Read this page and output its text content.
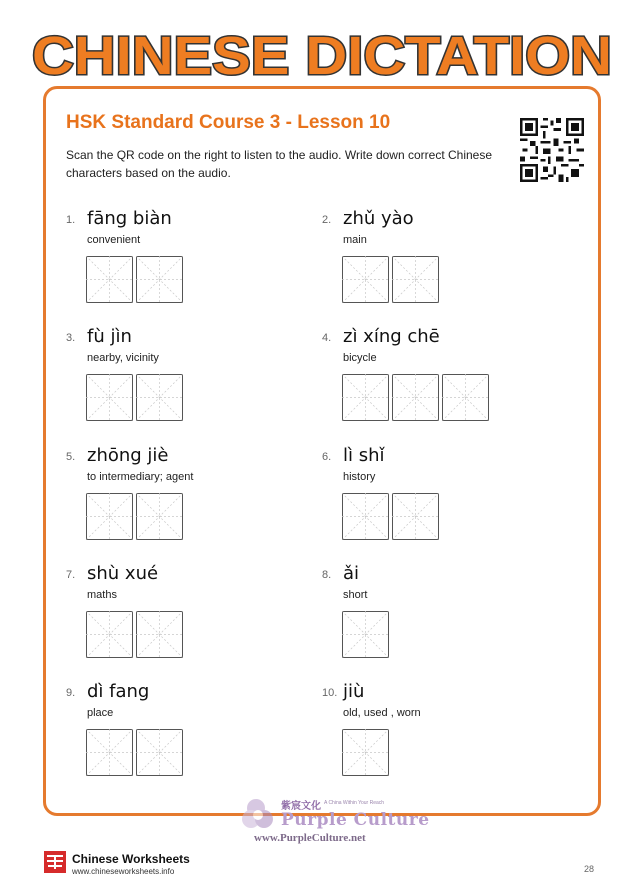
CHINESE DICTATION
HSK Standard Course 3 - Lesson 10
Scan the QR code on the right to listen to the audio. Write down correct Chinese characters based on the audio.
1. fāng biàn
convenient
2. zhǔ yào
main
3. fù jìn
nearby, vicinity
4. zì xíng chē
bicycle
5. zhōng jiè
to intermediary; agent
6. lì shǐ
history
7. shù xué
maths
8. ǎi
short
9. dì fang
place
10. jiù
old, used , worn
紫宸文化 A China Within Your Reach
Purple Culture
www.PurpleCulture.net
Chinese Worksheets
www.chineseworksheets.info	28
